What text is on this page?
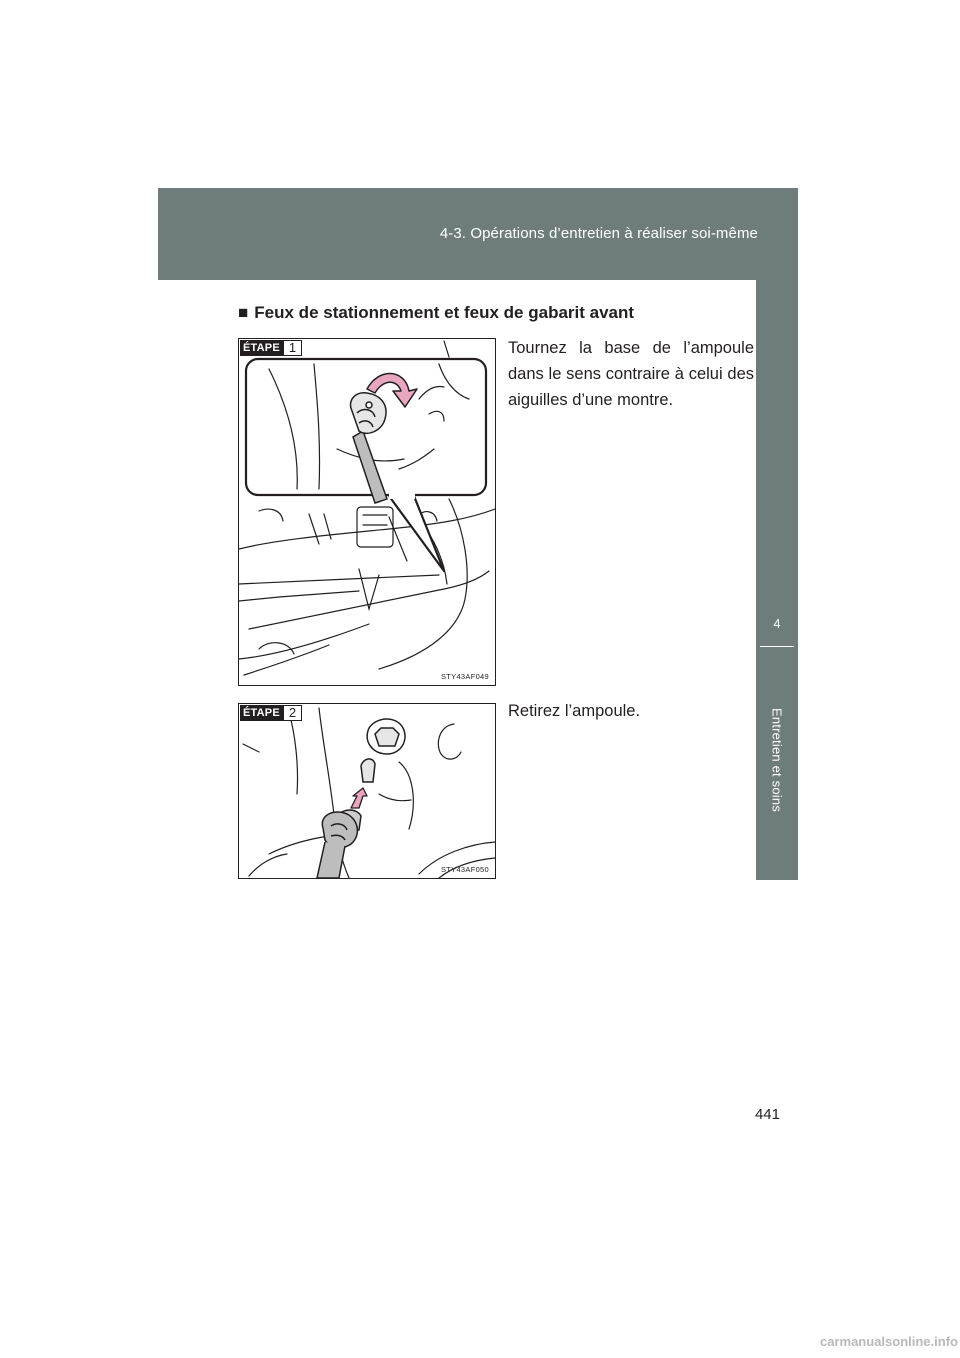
4-3. Opérations d’entretien à réaliser soi-même
4
Entretien et soins
■ Feux de stationnement et feux de gabarit avant
ÉTAPE 1
STY43AF049
Tournez la base de l’ampoule dans le sens contraire à celui des aiguilles d’une montre.
ÉTAPE 2
STY43AF050
Retirez l’ampoule.
441
carmanualsonline.info
